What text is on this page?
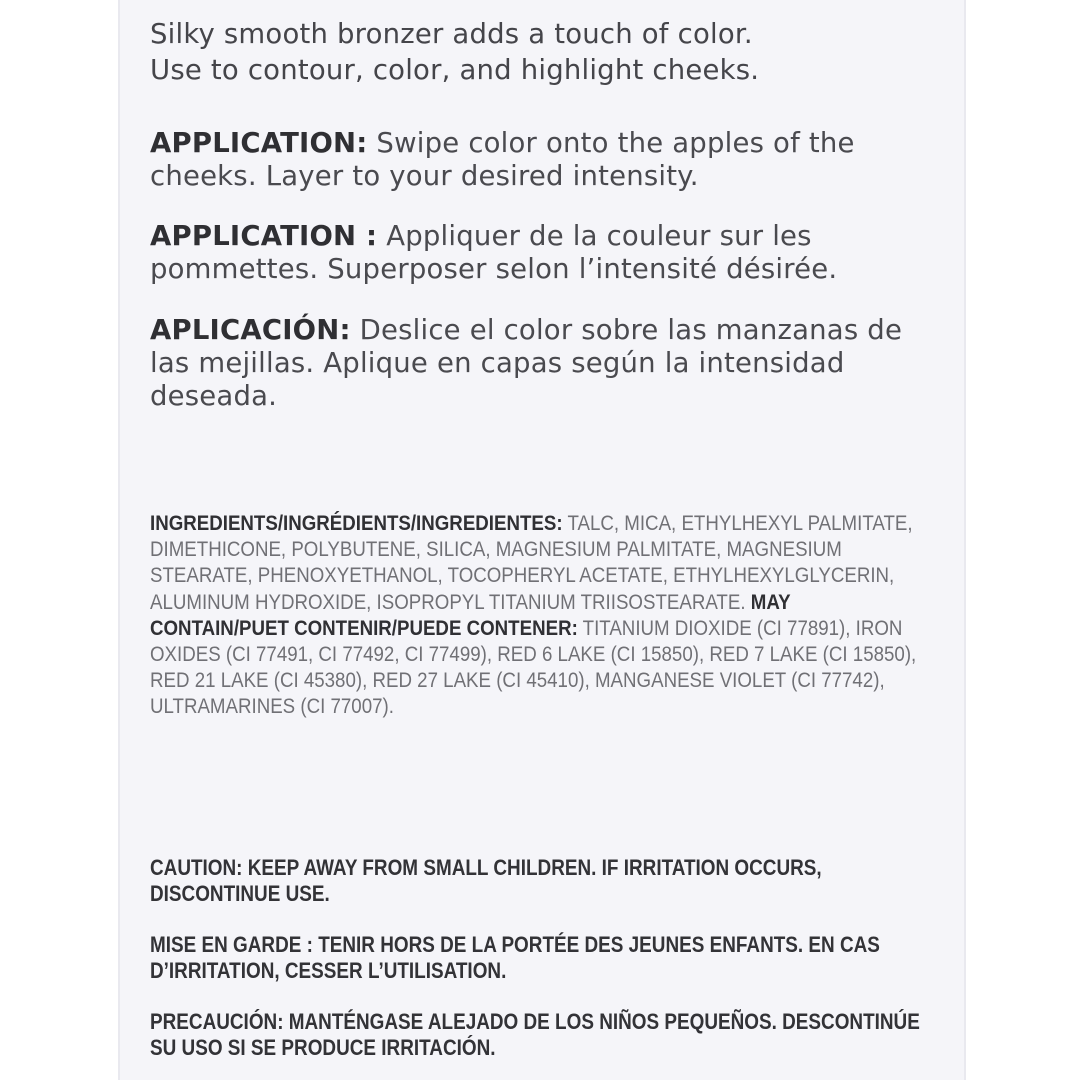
Silky smooth bronzer adds a touch of color.
Use to contour, color, and highlight cheeks.

APPLICATION: Swipe color onto the apples of the cheeks. Layer to your desired intensity.

APPLICATION : Appliquer de la couleur sur les pommettes. Superposer selon l’intensité désirée.

APLICACIÓN: Deslice el color sobre las manzanas de las mejillas. Aplique en capas según la intensidad deseada.

INGREDIENTS/INGRÉDIENTS/INGREDIENTES: TALC, MICA, ETHYLHEXYL PALMITATE, DIMETHICONE, POLYBUTENE, SILICA, MAGNESIUM PALMITATE, MAGNESIUM STEARATE, PHENOXYETHANOL, TOCOPHERYL ACETATE, ETHYLHEXYLGLYCERIN, ALUMINUM HYDROXIDE, ISOPROPYL TITANIUM TRIISOSTEARATE. MAY CONTAIN/PUET CONTENIR/PUEDE CONTENER: TITANIUM DIOXIDE (CI 77891), IRON OXIDES (CI 77491, CI 77492, CI 77499), RED 6 LAKE (CI 15850), RED 7 LAKE (CI 15850), RED 21 LAKE (CI 45380), RED 27 LAKE (CI 45410), MANGANESE VIOLET (CI 77742), ULTRAMARINES (CI 77007).

CAUTION: KEEP AWAY FROM SMALL CHILDREN. IF IRRITATION OCCURS, DISCONTINUE USE.

MISE EN GARDE : TENIR HORS DE LA PORTÉE DES JEUNES ENFANTS. EN CAS D’IRRITATION, CESSER L’UTILISATION.

PRECAUCIÓN: MANTÉNGASE ALEJADO DE LOS NIÑOS PEQUEÑOS. DESCONTINÚE SU USO SI SE PRODUCE IRRITACIÓN.
